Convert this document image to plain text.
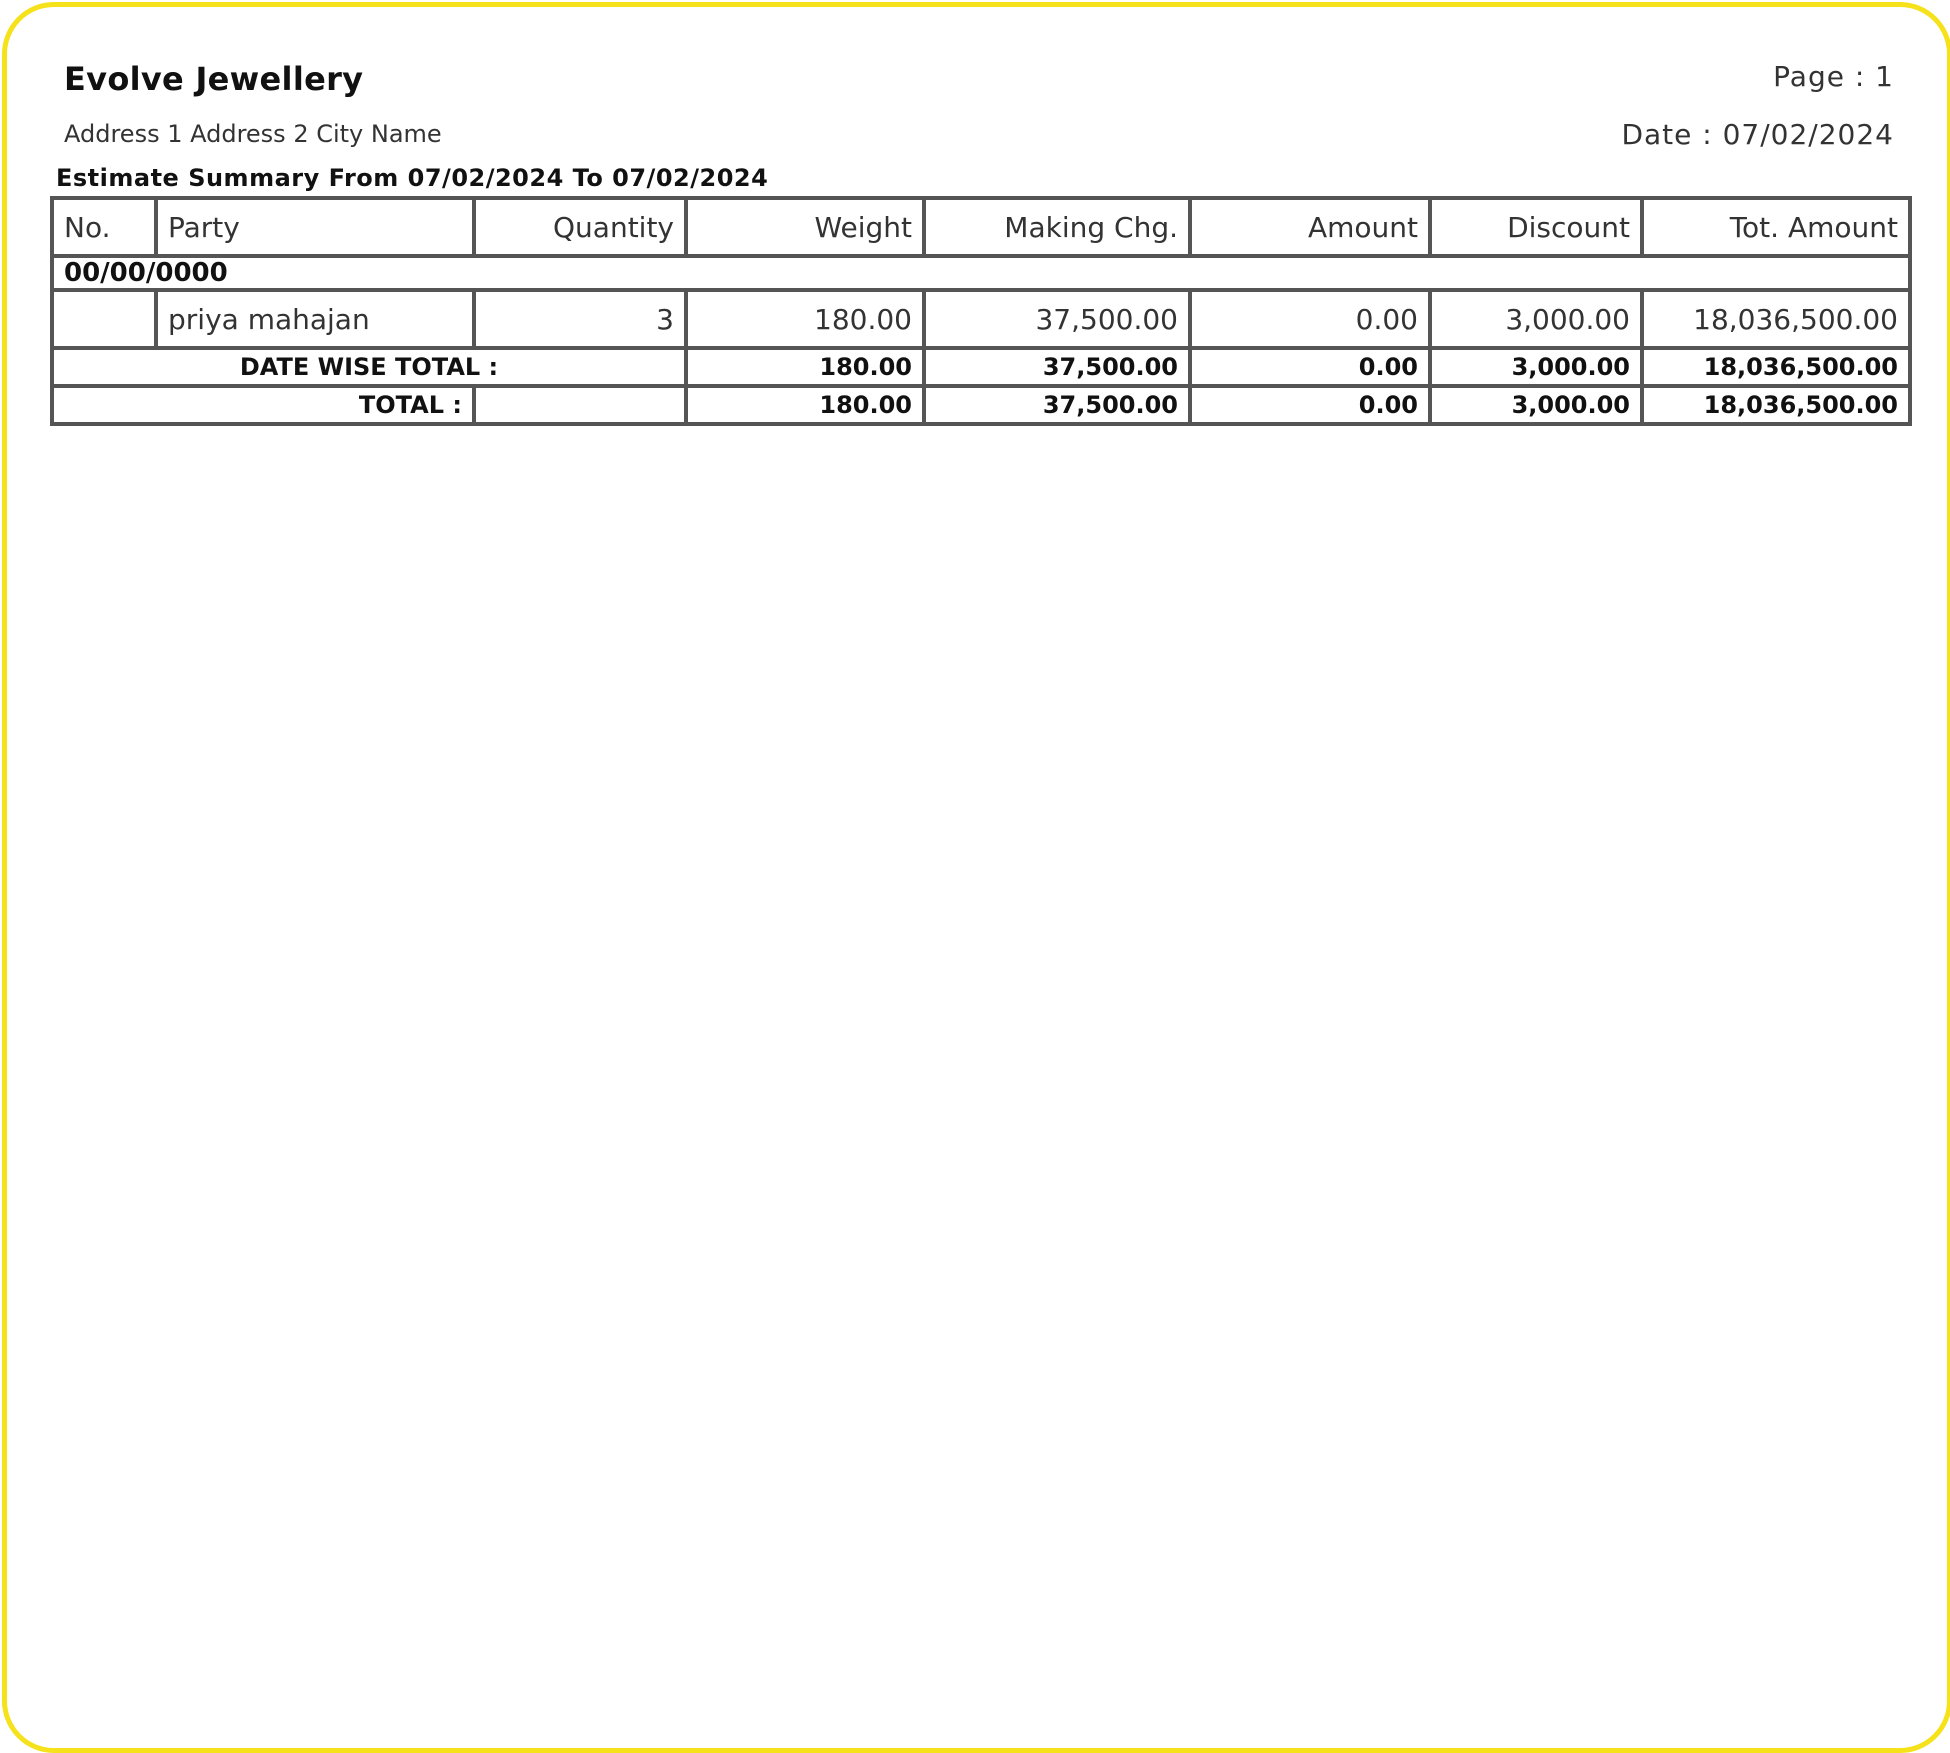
Evolve Jewellery	Page : 1
Address 1 Address 2 City Name	Date : 07/02/2024
Estimate Summary From 07/02/2024 To 07/02/2024
No.	Party	Quantity	Weight	Making Chg.	Amount	Discount	Tot. Amount
00/00/0000							
	priya mahajan	3	180.00	37,500.00	0.00	3,000.00	18,036,500.00
DATE WISE TOTAL :			180.00	37,500.00	0.00	3,000.00	18,036,500.00
TOTAL :			180.00	37,500.00	0.00	3,000.00	18,036,500.00
